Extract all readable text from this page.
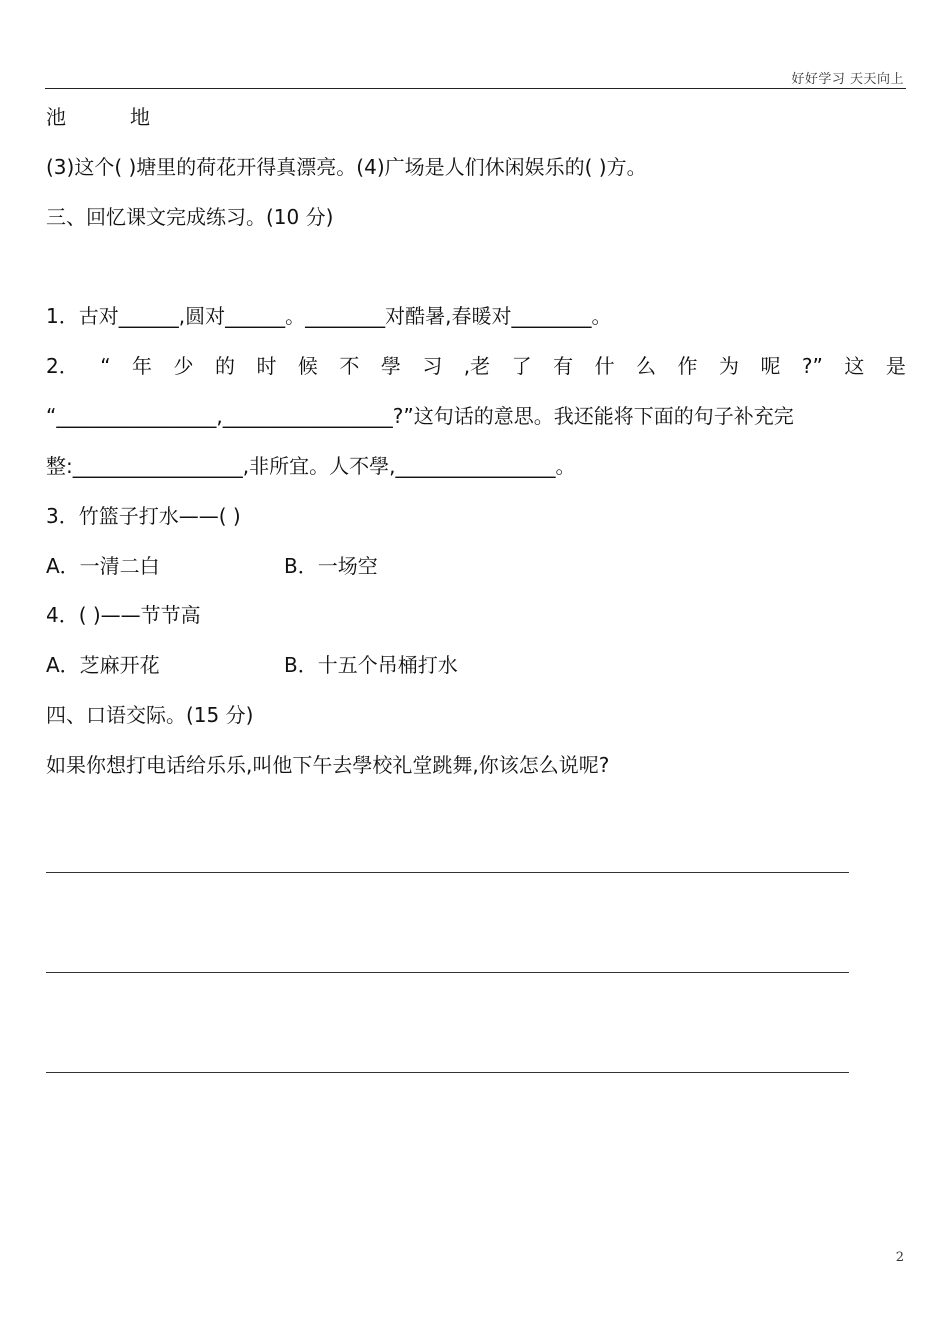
好好学习 天天向上
池	地
(3)这个( )塘里的荷花开得真漂亮。(4)广场是人们休闲娱乐的( )方。
三、回忆课文完成练习。(10 分)
1．古对______,圆对______。________对酷暑,春暖对________。
2． “ 年 少 的 时 候 不 學 习 ,老 了 有 什 么 作 为 呢 ?” 这 是
“________________,_________________?”这句话的意思。我还能将下面的句子补充完
整:_________________,非所宜。人不學,________________。
3．竹篮子打水——( )
A．一清二白	B．一场空
4．( )——节节高
A．芝麻开花	B．十五个吊桶打水
四、口语交际。(15 分)
如果你想打电话给乐乐,叫他下午去學校礼堂跳舞,你该怎么说呢?
2
